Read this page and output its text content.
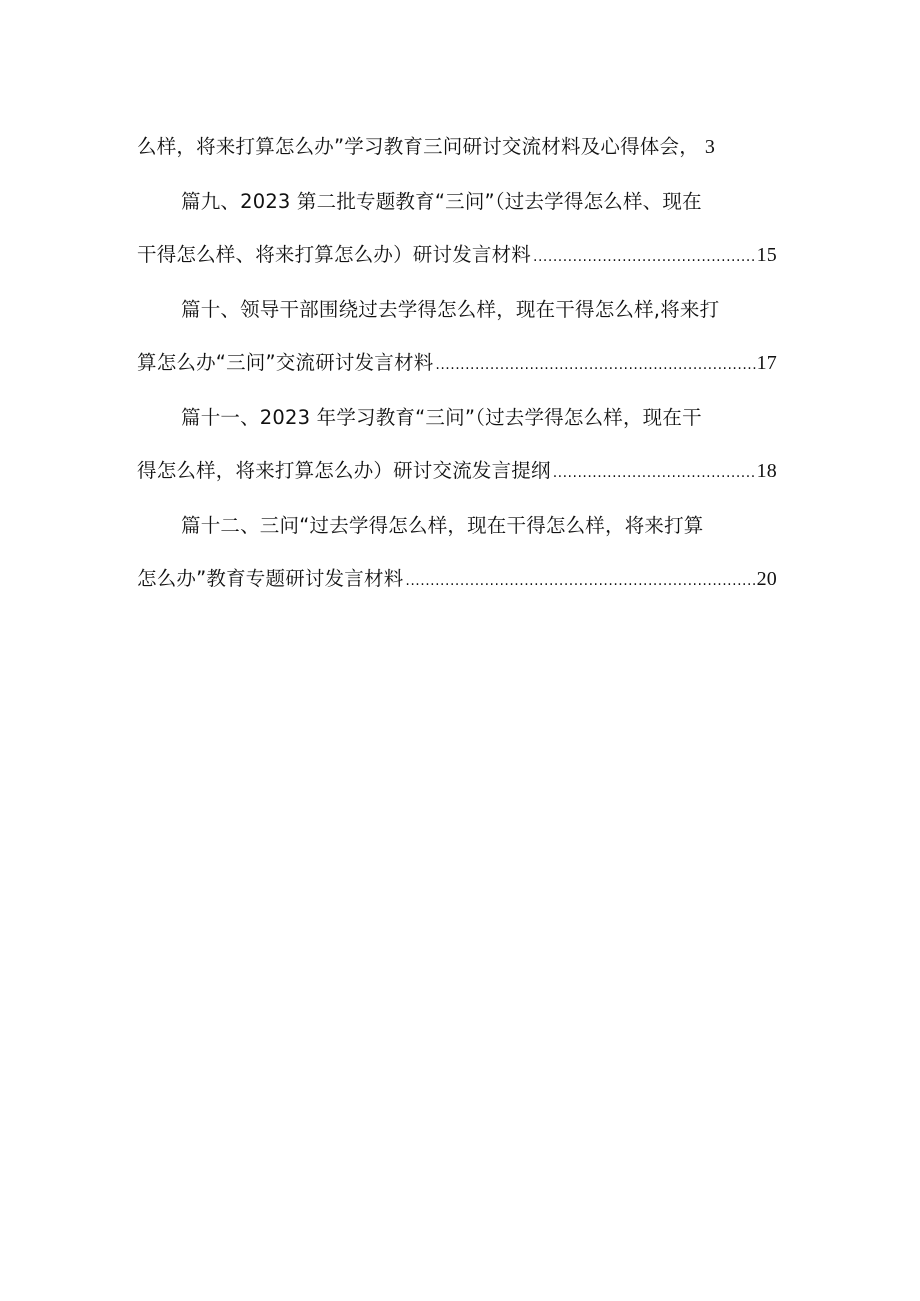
么样，将来打算怎么办”学习教育三问研讨交流材料及心得体会， 3
篇九、2023 第二批专题教育“三问”（过去学得怎么样、现在
干得怎么样、将来打算怎么办）研讨发言材料 .....	15
篇十、领导干部围绕过去学得怎么样，现在干得怎么样,将来打
算怎么办“三问”交流研讨发言材料 .....	17
篇十一、2023 年学习教育“三问”（过去学得怎么样，现在干
得怎么样，将来打算怎么办）研讨交流发言提纲 .....	18
篇十二、三问“过去学得怎么样，现在干得怎么样，将来打算
怎么办”教育专题研讨发言材料 .....	20
